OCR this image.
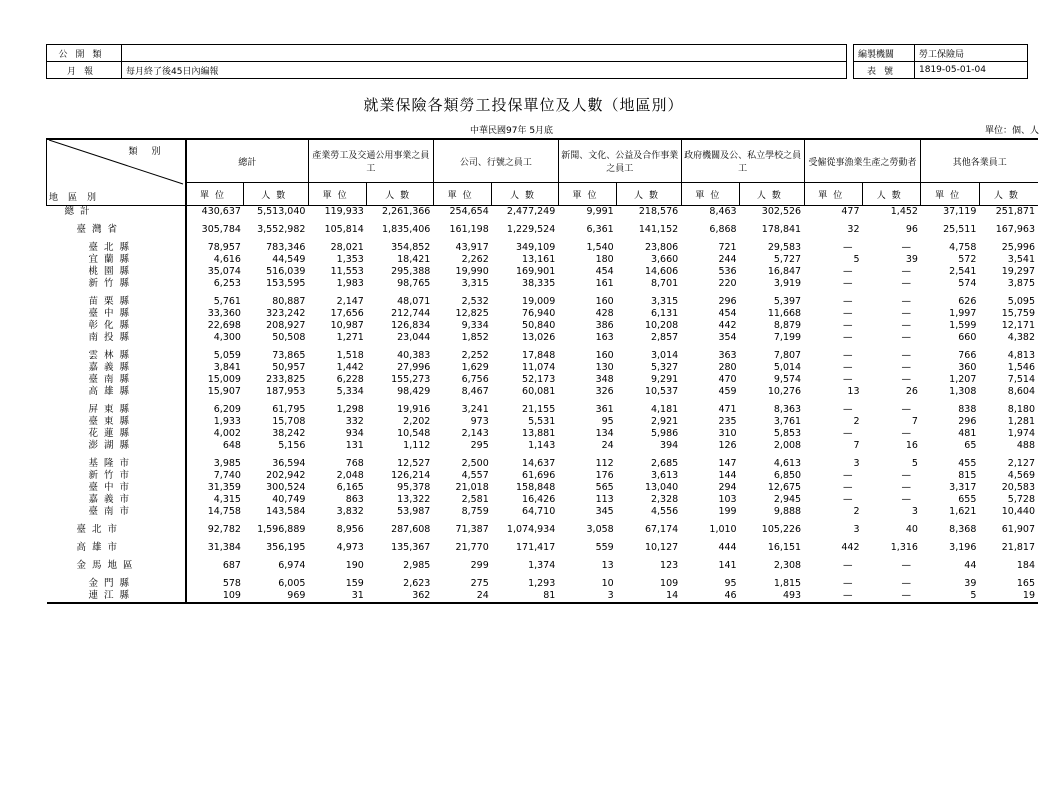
公開類	
月報	每月終了後45日內編報
編製機關	勞工保險局
表號	1819-05-01-04
就業保險各類勞工投保單位及人數（地區別）
中華民國97年 5月底	單位：個、人
類別
地區別	總計		產業勞工及交通公用事業之員工		公司、行號之員工		新聞、文化、公益及合作事業之員工		政府機關及公、私立學校之員工		受僱從事漁業生產之勞動者		其他各業員工	
	單位	人數	單位	人數	單位	人數	單位	人數	單位	人數	單位	人數	單位	人數
總計	430,637	5,513,040	119,933	2,261,366	254,654	2,477,249	9,991	218,576	8,463	302,526	477	1,452	37,119	251,871

臺灣省	305,784	3,552,982	105,814	1,835,406	161,198	1,229,524	6,361	141,152	6,868	178,841	32	96	25,511	167,963

臺北縣	78,957	783,346	28,021	354,852	43,917	349,109	1,540	23,806	721	29,583	—	—	4,758	25,996
宜蘭縣	4,616	44,549	1,353	18,421	2,262	13,161	180	3,660	244	5,727	5	39	572	3,541
桃園縣	35,074	516,039	11,553	295,388	19,990	169,901	454	14,606	536	16,847	—	—	2,541	19,297
新竹縣	6,253	153,595	1,983	98,765	3,315	38,335	161	8,701	220	3,919	—	—	574	3,875

苗栗縣	5,761	80,887	2,147	48,071	2,532	19,009	160	3,315	296	5,397	—	—	626	5,095
臺中縣	33,360	323,242	17,656	212,744	12,825	76,940	428	6,131	454	11,668	—	—	1,997	15,759
彰化縣	22,698	208,927	10,987	126,834	9,334	50,840	386	10,208	442	8,879	—	—	1,599	12,171
南投縣	4,300	50,508	1,271	23,044	1,852	13,026	163	2,857	354	7,199	—	—	660	4,382

雲林縣	5,059	73,865	1,518	40,383	2,252	17,848	160	3,014	363	7,807	—	—	766	4,813
嘉義縣	3,841	50,957	1,442	27,996	1,629	11,074	130	5,327	280	5,014	—	—	360	1,546
臺南縣	15,009	233,825	6,228	155,273	6,756	52,173	348	9,291	470	9,574	—	—	1,207	7,514
高雄縣	15,907	187,953	5,334	98,429	8,467	60,081	326	10,537	459	10,276	13	26	1,308	8,604

屏東縣	6,209	61,795	1,298	19,916	3,241	21,155	361	4,181	471	8,363	—	—	838	8,180
臺東縣	1,933	15,708	332	2,202	973	5,531	95	2,921	235	3,761	2	7	296	1,281
花蓮縣	4,002	38,242	934	10,548	2,143	13,881	134	5,986	310	5,853	—	—	481	1,974
澎湖縣	648	5,156	131	1,112	295	1,143	24	394	126	2,008	7	16	65	488

基隆市	3,985	36,594	768	12,527	2,500	14,637	112	2,685	147	4,613	3	5	455	2,127
新竹市	7,740	202,942	2,048	126,214	4,557	61,696	176	3,613	144	6,850	—	—	815	4,569
臺中市	31,359	300,524	6,165	95,378	21,018	158,848	565	13,040	294	12,675	—	—	3,317	20,583
嘉義市	4,315	40,749	863	13,322	2,581	16,426	113	2,328	103	2,945	—	—	655	5,728
臺南市	14,758	143,584	3,832	53,987	8,759	64,710	345	4,556	199	9,888	2	3	1,621	10,440

臺北市	92,782	1,596,889	8,956	287,608	71,387	1,074,934	3,058	67,174	1,010	105,226	3	40	8,368	61,907

高雄市	31,384	356,195	4,973	135,367	21,770	171,417	559	10,127	444	16,151	442	1,316	3,196	21,817

金馬地區	687	6,974	190	2,985	299	1,374	13	123	141	2,308	—	—	44	184

金門縣	578	6,005	159	2,623	275	1,293	10	109	95	1,815	—	—	39	165
連江縣	109	969	31	362	24	81	3	14	46	493	—	—	5	19
